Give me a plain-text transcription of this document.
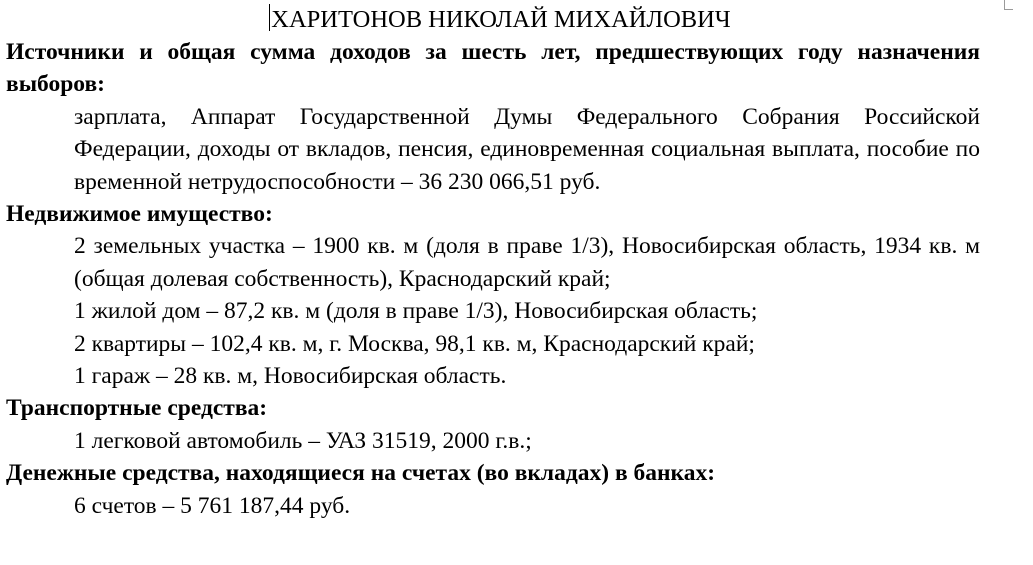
ХАРИТОНОВ НИКОЛАЙ МИХАЙЛОВИЧ

Источники и общая сумма доходов за шесть лет, предшествующих году назначения выборов:

зарплата, Аппарат Государственной Думы Федерального Собрания Российской Федерации, доходы от вкладов, пенсия, единовременная социальная выплата, пособие по временной нетрудоспособности – 36 230 066,51 руб.

Недвижимое имущество:

2 земельных участка – 1900 кв. м (доля в праве 1/3), Новосибирская область, 1934 кв. м (общая долевая собственность), Краснодарский край;

1 жилой дом – 87,2 кв. м (доля в праве 1/3), Новосибирская область;

2 квартиры – 102,4 кв. м, г. Москва, 98,1 кв. м, Краснодарский край;

1 гараж – 28 кв. м, Новосибирская область.

Транспортные средства:

1 легковой автомобиль – УАЗ 31519, 2000 г.в.;

Денежные средства, находящиеся на счетах (во вкладах) в банках:

6 счетов – 5 761 187,44 руб.
